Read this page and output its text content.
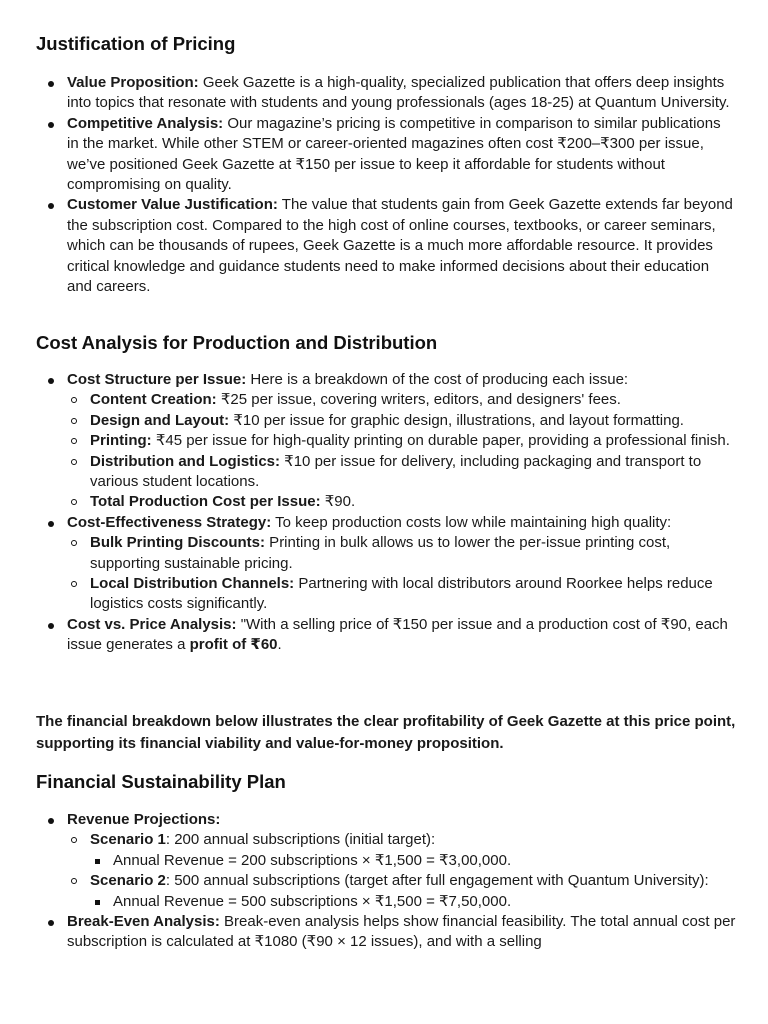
Justification of Pricing
Value Proposition: Geek Gazette is a high-quality, specialized publication that offers deep insights into topics that resonate with students and young professionals (ages 18-25) at Quantum University.
Competitive Analysis: Our magazine’s pricing is competitive in comparison to similar publications in the market. While other STEM or career-oriented magazines often cost ₹200–₹300 per issue, we’ve positioned Geek Gazette at ₹150 per issue to keep it affordable for students without compromising on quality.
Customer Value Justification: The value that students gain from Geek Gazette extends far beyond the subscription cost. Compared to the high cost of online courses, textbooks, or career seminars, which can be thousands of rupees, Geek Gazette is a much more affordable resource. It provides critical knowledge and guidance students need to make informed decisions about their education and careers.
Cost Analysis for Production and Distribution
Cost Structure per Issue: Here is a breakdown of the cost of producing each issue:
Content Creation: ₹25 per issue, covering writers, editors, and designers' fees.
Design and Layout: ₹10 per issue for graphic design, illustrations, and layout formatting.
Printing: ₹45 per issue for high-quality printing on durable paper, providing a professional finish.
Distribution and Logistics: ₹10 per issue for delivery, including packaging and transport to various student locations.
Total Production Cost per Issue: ₹90.
Cost-Effectiveness Strategy: To keep production costs low while maintaining high quality:
Bulk Printing Discounts: Printing in bulk allows us to lower the per-issue printing cost, supporting sustainable pricing.
Local Distribution Channels: Partnering with local distributors around Roorkee helps reduce logistics costs significantly.
Cost vs. Price Analysis: "With a selling price of ₹150 per issue and a production cost of ₹90, each issue generates a profit of ₹60.

The financial breakdown below illustrates the clear profitability of Geek Gazette at this price point, supporting its financial viability and value-for-money proposition.

Financial Sustainability Plan
Revenue Projections:
Scenario 1: 200 annual subscriptions (initial target):
Annual Revenue = 200 subscriptions × ₹1,500 = ₹3,00,000.
Scenario 2: 500 annual subscriptions (target after full engagement with Quantum University):
Annual Revenue = 500 subscriptions × ₹1,500 = ₹7,50,000.
Break-Even Analysis: Break-even analysis helps show financial feasibility. The total annual cost per subscription is calculated at ₹1080 (₹90 × 12 issues), and with a selling
